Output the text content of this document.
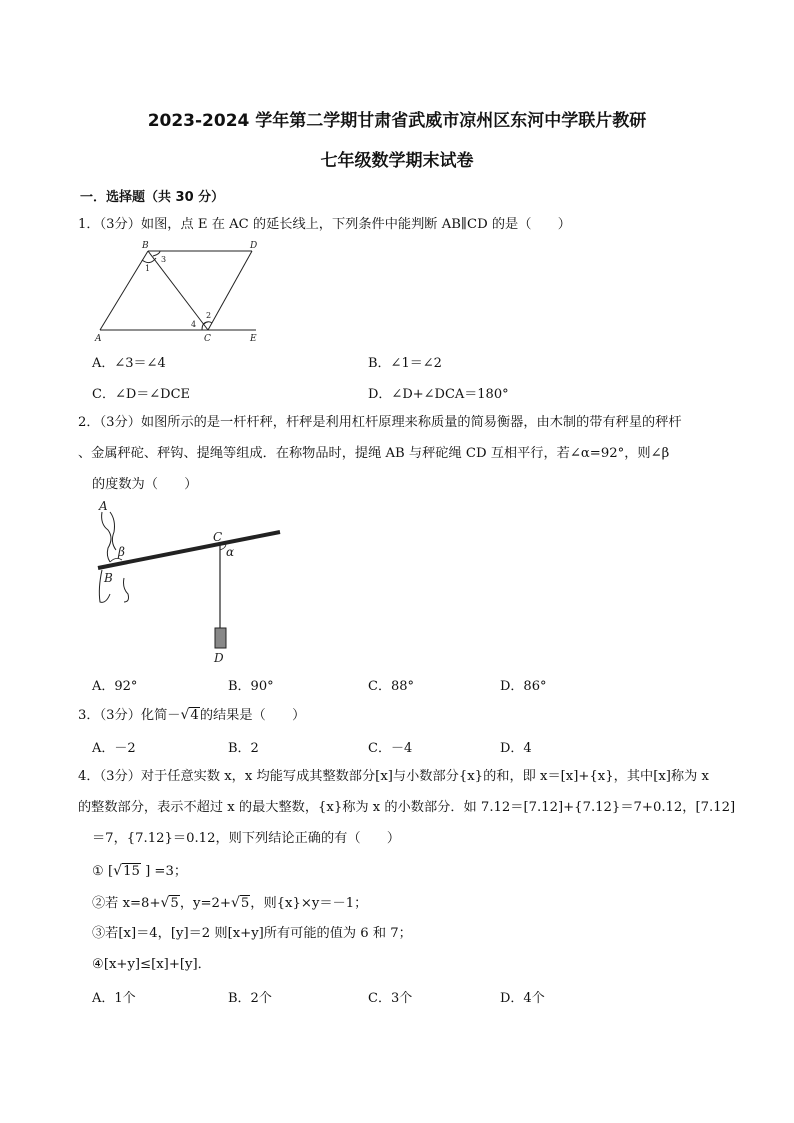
2023-2024 学年第二学期甘肃省武威市凉州区东河中学联片教研
七年级数学期末试卷
一．选择题（共 30 分）
1．（3分）如图，点 E 在 AC 的延长线上，下列条件中能判断 AB∥CD 的是（　　）
B	D
A	C	E
1
3
2
4
A．∠3＝∠4	B．∠1＝∠2
C．∠D＝∠DCE	D．∠D+∠DCA＝180°
2．（3分）如图所示的是一杆杆秤，杆秤是利用杠杆原理来称质量的简易衡器，由木制的带有秤星的秤杆
、金属秤砣、秤钩、提绳等组成．在称物品时，提绳 AB 与秤砣绳 CD 互相平行，若∠α=92°，则∠β
的度数为（　　）
A
B
C
D
α
β
A．92°	B．90°	C．88°	D．86°
3．（3分）化简－√4的结果是（　　）
A．－2	B．2	C．－4	D．4
4．（3分）对于任意实数 x，x 均能写成其整数部分[x]与小数部分{x}的和，即 x＝[x]+{x}，其中[x]称为 x
的整数部分，表示不超过 x 的最大整数，{x}称为 x 的小数部分．如 7.12＝[7.12]+{7.12}＝7+0.12，[7.12]
＝7，{7.12}＝0.12，则下列结论正确的有（　　）
① [√15 ] =3；
②若 x=8+√5，y=2+√5，则{x}×y＝－1；
③若[x]＝4，[y]＝2 则[x+y]所有可能的值为 6 和 7；
④[x+y]≤[x]+[y]．
A．1个	B．2个	C．3个	D．4个
